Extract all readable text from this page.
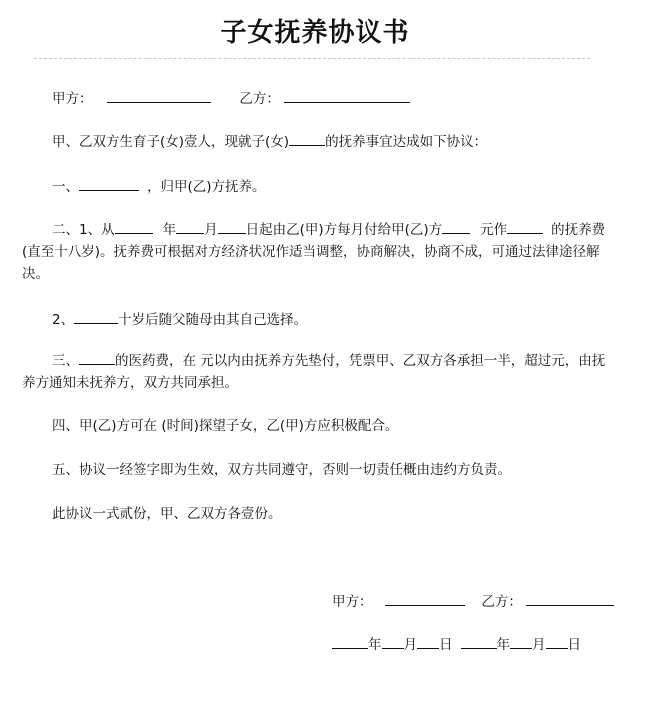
子女抚养协议书
甲方：	乙方：
甲、乙双方生育子(女)壹人，现就子(女)	的抚养事宜达成如下协议：
一、	，归甲(乙)方抚养。
二、1、从	年 月 日起由乙(甲)方每月付给甲(乙)方	元作	的抚养费(直至十八岁)。抚养费可根据对方经济状况作适当调整，协商解决，协商不成，可通过法律途径解决。
2、	十岁后随父随母由其自己选择。
三、	的医药费，在 元以内由抚养方先垫付，凭票甲、乙双方各承担一半，超过元，由抚养方通知未抚养方，双方共同承担。
四、甲(乙)方可在 (时间)探望子女，乙(甲)方应积极配合。
五、协议一经签字即为生效，双方共同遵守，否则一切责任概由违约方负责。
此协议一式贰份，甲、乙双方各壹份。
甲方：	乙方：
年 月 日	年 月 日
